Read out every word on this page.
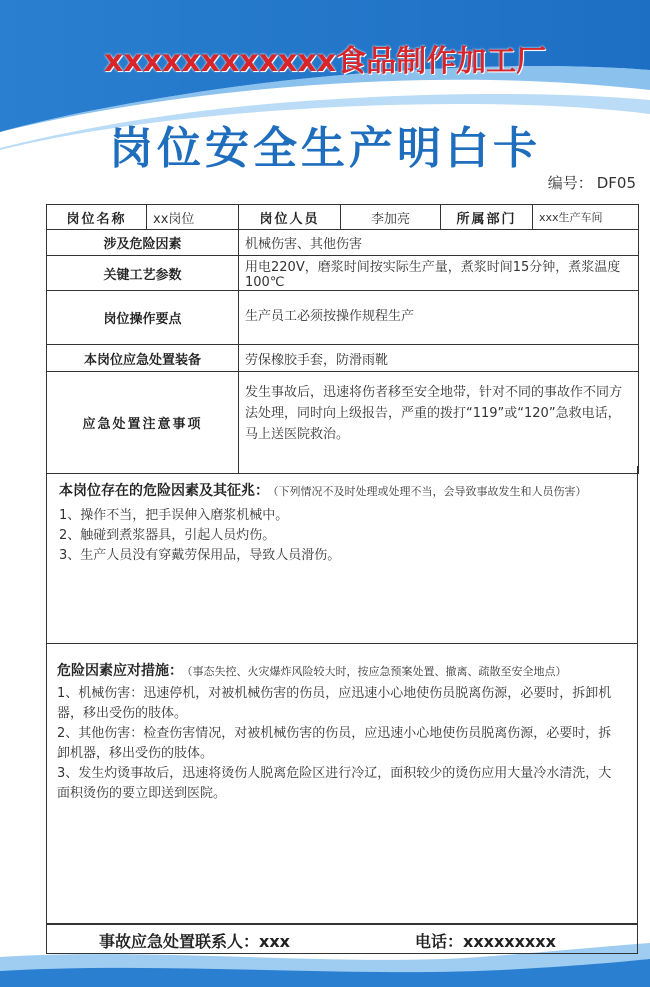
xxxxxxxxxxxx食品制作加工厂
岗位安全生产明白卡
编号： DF05
岗位名称	xx岗位	岗位人员	李加亮	所属部门	xxx生产车间
涉及危险因素		机械伤害、其他伤害			
关键工艺参数		用电220V，磨浆时间按实际生产量，煮浆时间15分钟，煮浆温度100℃			
岗位操作要点		生产员工必须按操作规程生产			
本岗位应急处置装备		劳保橡胶手套，防滑雨靴			
应急处置注意事项		发生事故后，迅速将伤者移至安全地带，针对不同的事故作不同方法处理，同时向上级报告，严重的拨打“119”或“120”急救电话，马上送医院救治。			
本岗位存在的危险因素及其征兆： （下列情况不及时处理或处理不当，会导致事故发生和人员伤害）
1、操作不当，把手误伸入磨浆机械中。
2、触碰到煮浆器具，引起人员灼伤。
3、生产人员没有穿戴劳保用品，导致人员滑伤。
危险因素应对措施： （事态失控、火灾爆炸风险较大时，按应急预案处置、撤离、疏散至安全地点）
1、机械伤害：迅速停机，对被机械伤害的伤员，应迅速小心地使伤员脱离伤源，必要时，拆卸机器，移出受伤的肢体。
2、其他伤害：检查伤害情况，对被机械伤害的伤员，应迅速小心地使伤员脱离伤源，必要时，拆卸机器，移出受伤的肢体。
3、发生灼烫事故后，迅速将烫伤人脱离危险区进行冷辽，面积较少的烫伤应用大量冷水清洗，大面积烫伤的要立即送到医院。
事故应急处置联系人：xxx	电话：xxxxxxxxx
